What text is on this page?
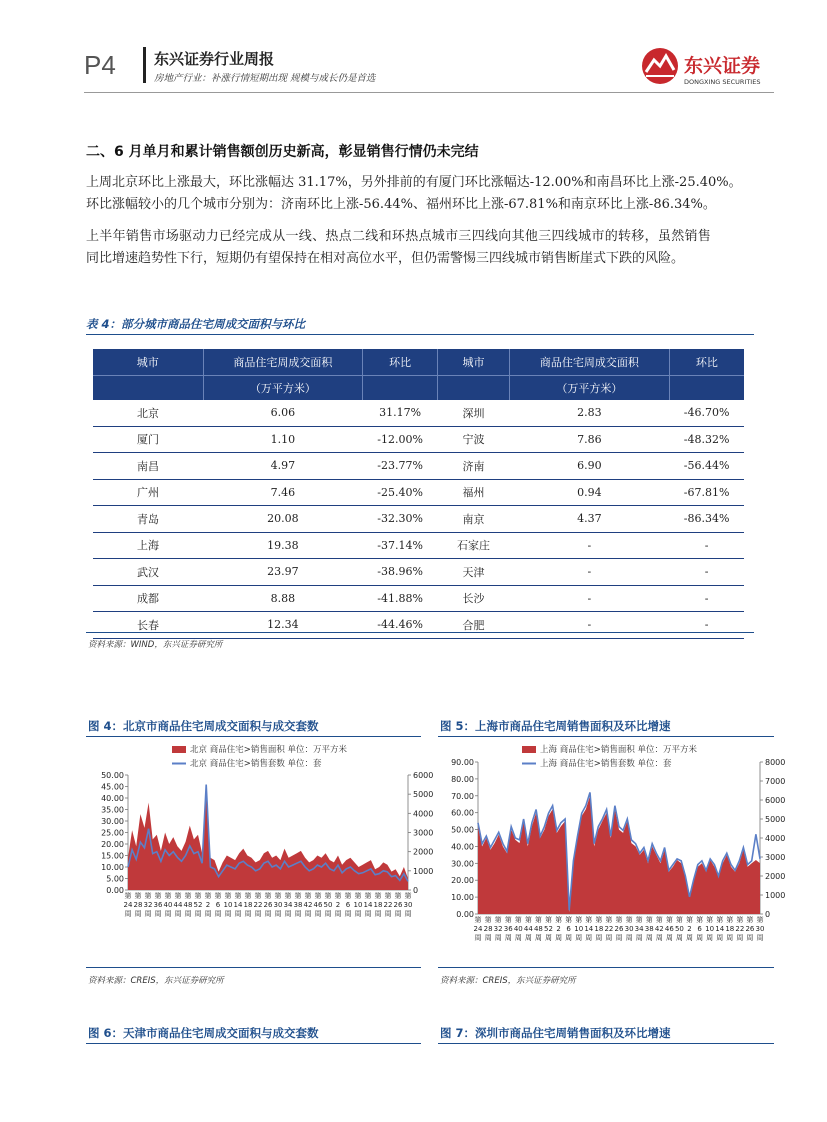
P4	东兴证券行业周报
房地产行业：补涨行情短期出现 规模与成长仍是首选
东兴证券
DONGXING SECURITIES
二、6 月单月和累计销售额创历史新高，彰显销售行情仍未完结
上周北京环比上涨最大，环比涨幅达 31.17%，另外排前的有厦门环比涨幅达-12.00%和南昌环比上涨-25.40%。
环比涨幅较小的几个城市分别为：济南环比上涨-56.44%、福州环比上涨-67.81%和南京环比上涨-86.34%。
上半年销售市场驱动力已经完成从一线、热点二线和环热点城市三四线向其他三四线城市的转移，虽然销售
同比增速趋势性下行，短期仍有望保持在相对高位水平，但仍需警惕三四线城市销售断崖式下跌的风险。
表 4：部分城市商品住宅周成交面积与环比
城市	商品住宅周成交面积	环比	城市	商品住宅周成交面积	环比
	（万平方米）			（万平方米）	
北京	6.06	31.17%	深圳	2.83	-46.70%
厦门	1.10	-12.00%	宁波	7.86	-48.32%
南昌	4.97	-23.77%	济南	6.90	-56.44%
广州	7.46	-25.40%	福州	0.94	-67.81%
青岛	20.08	-32.30%	南京	4.37	-86.34%
上海	19.38	-37.14%	石家庄	-	-
武汉	23.97	-38.96%	天津	-	-
成都	8.88	-41.88%	长沙	-	-
长春	12.34	-44.46%	合肥	-	-
资料来源：WIND，东兴证券研究所
图 4：北京市商品住宅周成交面积与成交套数	图 5：上海市商品住宅周销售面积及环比增速
北京 商品住宅>销售面积 单位：万平方米
北京 商品住宅>销售套数 单位：套
50.00
45.00
40.00
35.00
30.00
25.00
20.00
15.00
10.00
5.00
0.00
6000
5000
4000
3000
2000
1000
0
第 24 周
第 28 周
第 32 周
第 36 周
第 40 周
第 44 周
第 48 周
第 52 周
第 2 周
第 6 周
第 10 周
第 14 周
第 18 周
第 22 周
第 26 周
第 30 周
第 34 周
第 38 周
第 42 周
第 46 周
第 50 周
第 2 周
第 6 周
第 10 周
第 14 周
第 18 周
第 22 周
第 26 周
第 30 周
上海 商品住宅>销售面积 单位：万平方米
上海 商品住宅>销售套数 单位：套
90.00
80.00
70.00
60.00
50.00
40.00
30.00
20.00
10.00
0.00
8000
7000
6000
5000
4000
3000
2000
1000
0
第 24 周
第 28 周
第 32 周
第 36 周
第 40 周
第 44 周
第 48 周
第 52 周
第 2 周
第 6 周
第 10 周
第 14 周
第 18 周
第 22 周
第 26 周
第 30 周
第 34 周
第 38 周
第 42 周
第 46 周
第 50 周
第 2 周
第 6 周
第 10 周
第 14 周
第 18 周
第 22 周
第 26 周
第 30 周
资料来源：CREIS，东兴证券研究所	资料来源：CREIS，东兴证券研究所
图 6：天津市商品住宅周成交面积与成交套数	图 7：深圳市商品住宅周销售面积及环比增速
